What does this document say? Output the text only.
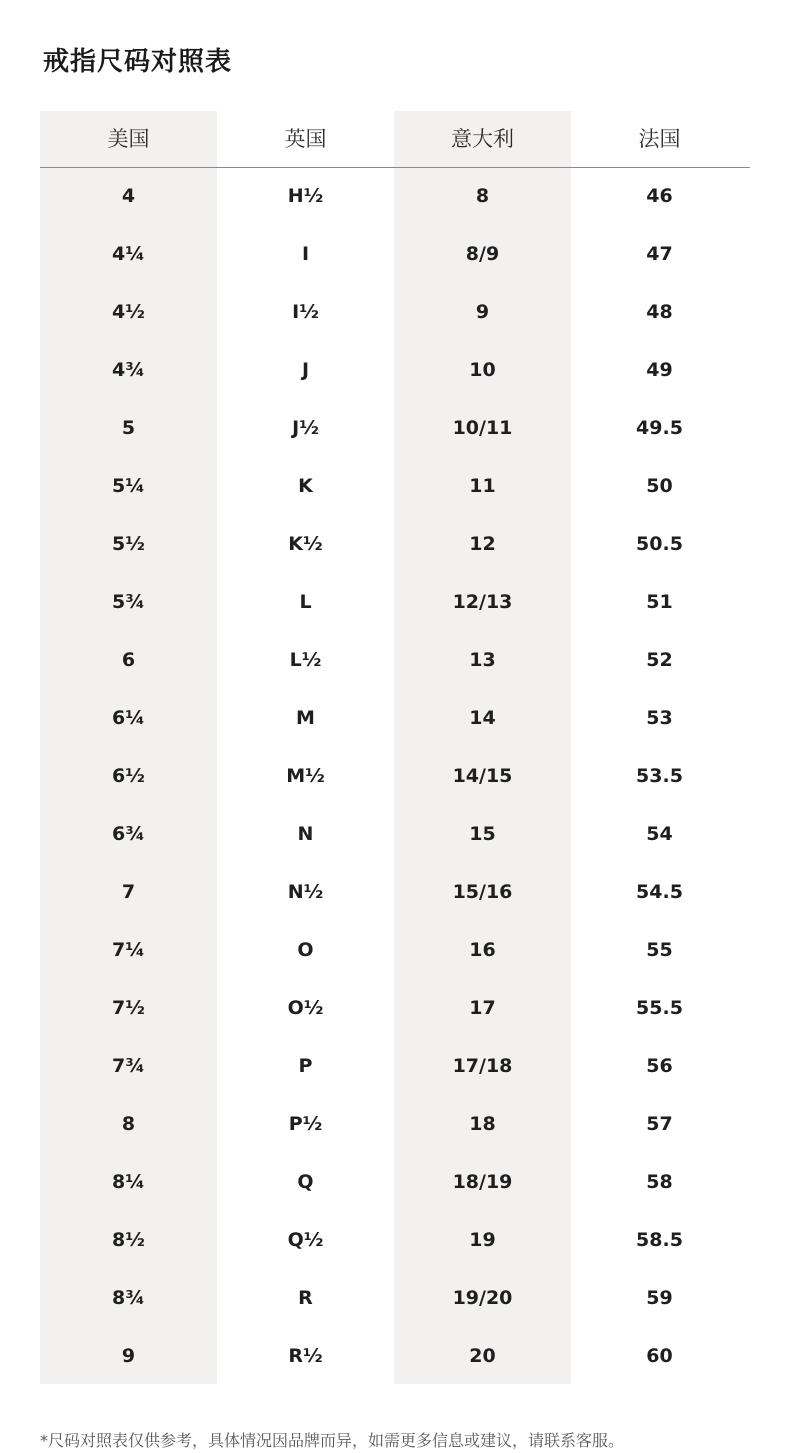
戒指尺码对照表
美国	英国	意大利	法国
4	H½	8	46
4¼	I	8/9	47
4½	I½	9	48
4¾	J	10	49
5	J½	10/11	49.5
5¼	K	11	50
5½	K½	12	50.5
5¾	L	12/13	51
6	L½	13	52
6¼	M	14	53
6½	M½	14/15	53.5
6¾	N	15	54
7	N½	15/16	54.5
7¼	O	16	55
7½	O½	17	55.5
7¾	P	17/18	56
8	P½	18	57
8¼	Q	18/19	58
8½	Q½	19	58.5
8¾	R	19/20	59
9	R½	20	60
*尺码对照表仅供参考，具体情况因品牌而异，如需更多信息或建议，请联系客服。
